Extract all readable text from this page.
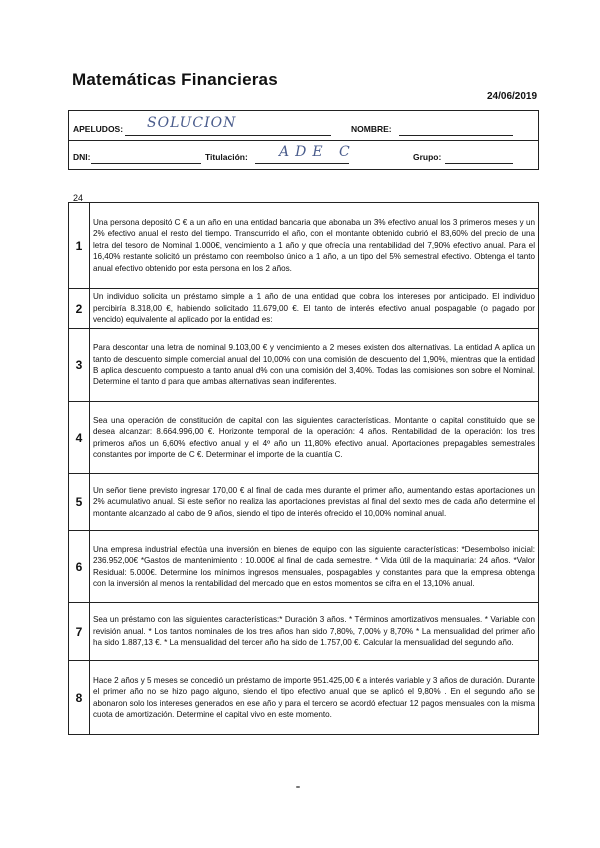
Matemáticas Financieras
24/06/2019
APELUDOS: SOLUCION	NOMBRE:
DNI:	Titulación: ADE C	Grupo:
24
1	Una persona depositó C € a un año en una entidad bancaria que abonaba un 3% efectivo anual los 3 primeros meses y un 2% efectivo anual el resto del tiempo. Transcurrido el año, con el montante obtenido cubrió el 83,60% del precio de una letra del tesoro de Nominal 1.000€, vencimiento a 1 año y que ofrecía una rentabilidad del 7,90% efectivo anual. Para el 16,40% restante solicitó un préstamo con reembolso único a 1 año, a un tipo del 5% semestral efectivo. Obtenga el tanto anual efectivo obtenido por esta persona en los 2 años.
2	Un individuo solicita un préstamo simple a 1 año de una entidad que cobra los intereses por anticipado. El individuo percibiría 8.318,00 €, habiendo solicitado 11.679,00 €. El tanto de interés efectivo anual pospagable (o pagado por vencido) equivalente al aplicado por la entidad es:
3	Para descontar una letra de nominal 9.103,00 € y vencimiento a 2 meses existen dos alternativas. La entidad A aplica un tanto de descuento simple comercial anual del 10,00% con una comisión de descuento del 1,90%, mientras que la entidad B aplica descuento compuesto a tanto anual d% con una comisión del 3,40%. Todas las comisiones son sobre el Nominal. Determine el tanto d para que ambas alternativas sean indiferentes.
4	Sea una operación de constitución de capital con las siguientes características. Montante o capital constituido que se desea alcanzar: 8.664.996,00 €. Horizonte temporal de la operación: 4 años. Rentabilidad de la operación: los tres primeros años un 6,60% efectivo anual y el 4º año un 11,80% efectivo anual. Aportaciones prepagables semestrales constantes por importe de C €. Determinar el importe de la cuantía C.
5	Un señor tiene previsto ingresar 170,00 € al final de cada mes durante el primer año, aumentando estas aportaciones un 2% acumulativo anual. Si este señor no realiza las aportaciones previstas al final del sexto mes de cada año determine el montante alcanzado al cabo de 9 años, siendo el tipo de interés ofrecido el 10,00% nominal anual.
6	Una empresa industrial efectúa una inversión en bienes de equipo con las siguiente características: *Desembolso inicial: 236.952,00€ *Gastos de mantenimiento : 10.000€ al final de cada semestre. * Vida útil de la maquinaria: 24 años. *Valor Residual: 5.000€. Determine los mínimos ingresos mensuales, pospagables y constantes para que la empresa obtenga con la inversión al menos la rentabilidad del mercado que en estos momentos se cifra en el 13,10% anual.
7	Sea un préstamo con las siguientes características:* Duración 3 años. * Términos amortizativos mensuales. * Variable con revisión anual. * Los tantos nominales de los tres años han sido 7,80%, 7,00% y 8,70% * La mensualidad del primer año ha sido 1.887,13 €. * La mensualidad del tercer año ha sido de 1.757,00 €. Calcular la mensualidad del segundo año.
8	Hace 2 años y 5 meses se concedió un préstamo de importe 951.425,00 € a interés variable y 3 años de duración. Durante el primer año no se hizo pago alguno, siendo el tipo efectivo anual que se aplicó el 9,80% . En el segundo año se abonaron solo los intereses generados en ese año y para el tercero se acordó efectuar 12 pagos mensuales con la misma cuota de amortización. Determine el capital vivo en este momento.
